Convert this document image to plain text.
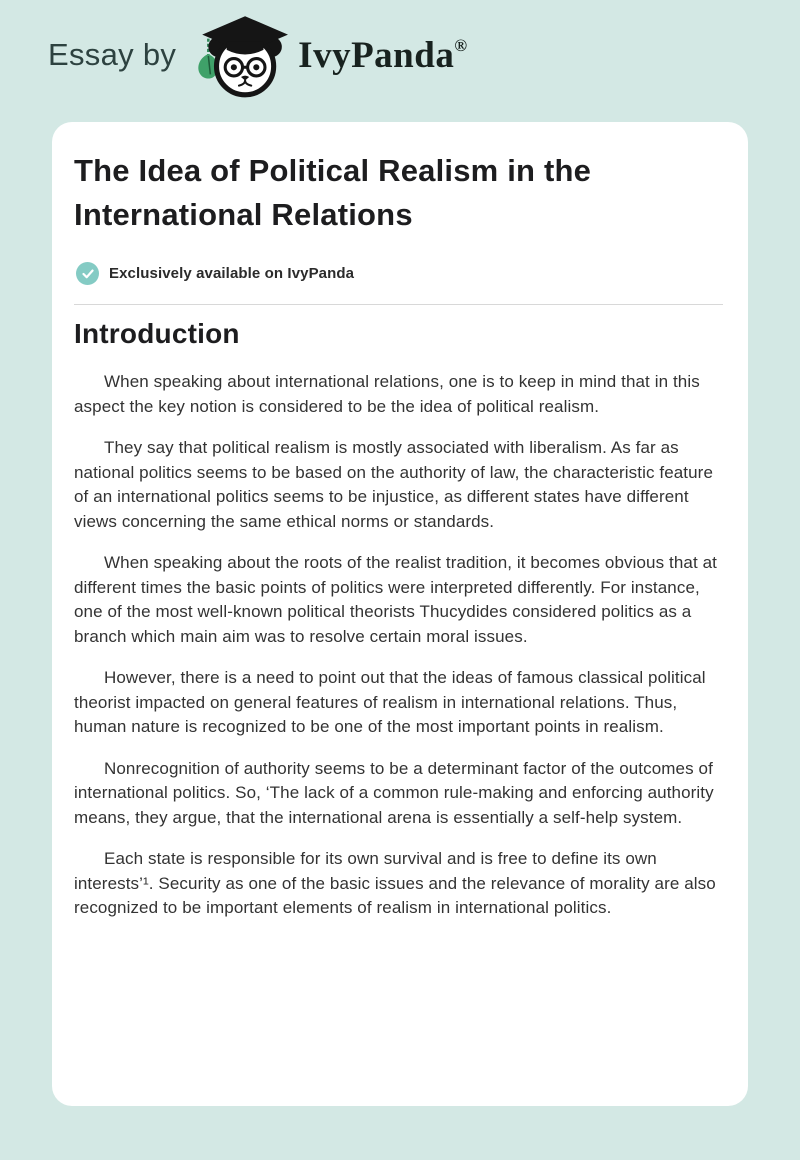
Essay by	IvyPanda®
The Idea of Political Realism in the International Relations
Exclusively available on IvyPanda
Introduction

When speaking about international relations, one is to keep in mind that in this aspect the key notion is considered to be the idea of political realism.

They say that political realism is mostly associated with liberalism. As far as national politics seems to be based on the authority of law, the characteristic feature of an international politics seems to be injustice, as different states have different views concerning the same ethical norms or standards.

When speaking about the roots of the realist tradition, it becomes obvious that at different times the basic points of politics were interpreted differently. For instance, one of the most well-known political theorists Thucydides considered politics as a branch which main aim was to resolve certain moral issues.

However, there is a need to point out that the ideas of famous classical political theorist impacted on general features of realism in international relations. Thus, human nature is recognized to be one of the most important points in realism.

Nonrecognition of authority seems to be a determinant factor of the outcomes of international politics. So, ‘The lack of a common rule-making and enforcing authority means, they argue, that the international arena is essentially a self-help system.

Each state is responsible for its own survival and is free to define its own interests’¹. Security as one of the basic issues and the relevance of morality are also recognized to be important elements of realism in international politics.
